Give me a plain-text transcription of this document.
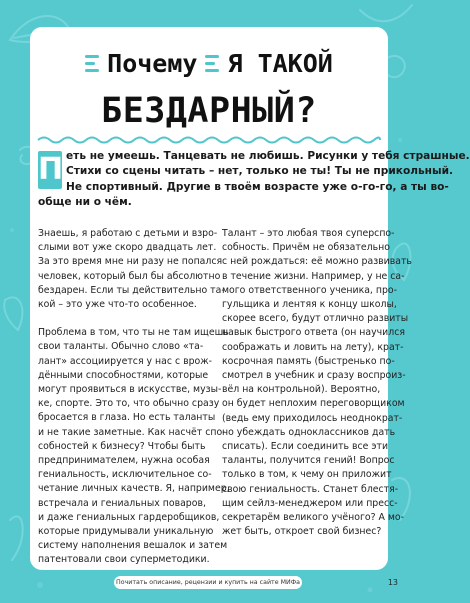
Почему Я ТАКОЙ
БЕЗДАРНЫЙ?
П еть не умеешь. Танцевать не любишь. Рисунки у тебя страшные.
Стихи со сцены читать – нет, только не ты! Ты не прикольный.
Не спортивный. Другие в твоём возрасте уже о-го-го, а ты во-
обще ни о чём.

Знаешь, я работаю с детьми и взро-
слыми вот уже скоро двадцать лет.
За это время мне ни разу не попался
человек, который был бы абсолютно
бездарен. Если ты действительно та-
кой – это уже что-то особенное.

Проблема в том, что ты не там ищешь
свои таланты. Обычно слово «та-
лант» ассоциируется у нас с врож-
дёнными способностями, которые
могут проявиться в искусстве, музы-
ке, спорте. Это то, что обычно сразу
бросается в глаза. Но есть таланты
и не такие заметные. Как насчёт спо-
собностей к бизнесу? Чтобы быть
предпринимателем, нужна особая
гениальность, исключительное со-
четание личных качеств. Я, например,
встречала и гениальных поваров,
и даже гениальных гардеробщиков,
которые придумывали уникальную
систему наполнения вешалок и затем
патентовали свои суперметодики.

Талант – это любая твоя суперспо-
собность. Причём не обязательно
с ней рождаться: её можно развивать
в течение жизни. Например, у не са-
мого ответственного ученика, про-
гульщика и лентяя к концу школы,
скорее всего, будут отлично развиты
навык быстрого ответа (он научился
соображать и ловить на лету), крат-
косрочная память (быстренько по-
смотрел в учебник и сразу воспроиз-
вёл на контрольной). Вероятно,
он будет неплохим переговорщиком
(ведь ему приходилось неоднократ-
но убеждать одноклассников дать
списать). Если соединить все эти
таланты, получится гений! Вопрос
только в том, к чему он приложит
свою гениальность. Станет блестя-
щим сейлз-менеджером или пресс-
секретарём великого учёного? А мо-
жет быть, откроет свой бизнес?

Почитать описание, рецензии и купить на сайте МИФа	13
